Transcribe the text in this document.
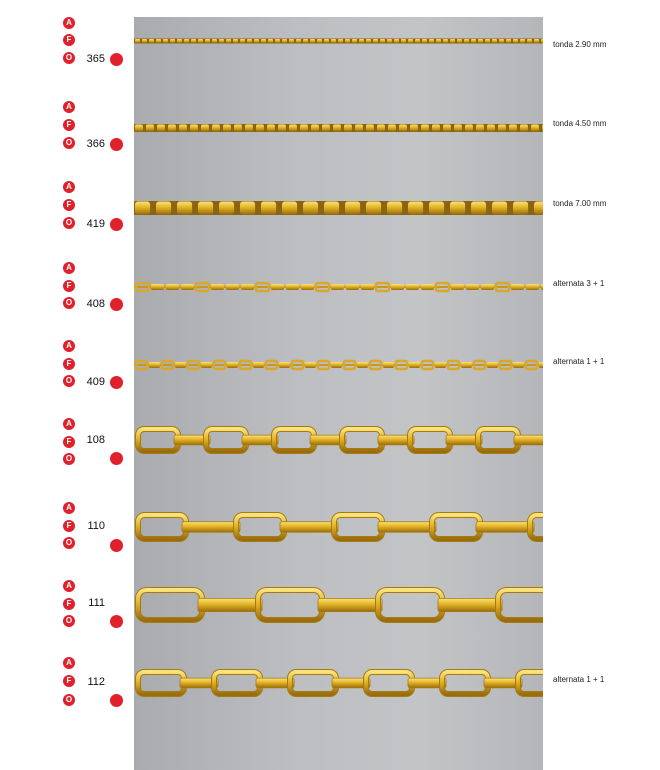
A
F
O	365
tonda 2.90 mm
A
F
O	366
tonda 4.50 mm
A
F
O	419
tonda 7.00 mm
A
F
O	408
alternata 3 + 1
A
F
O	409
alternata 1 + 1
A
F
O
108
A
F
O
110
A
F
O
111
A
F
O
112	alternata 1 + 1
